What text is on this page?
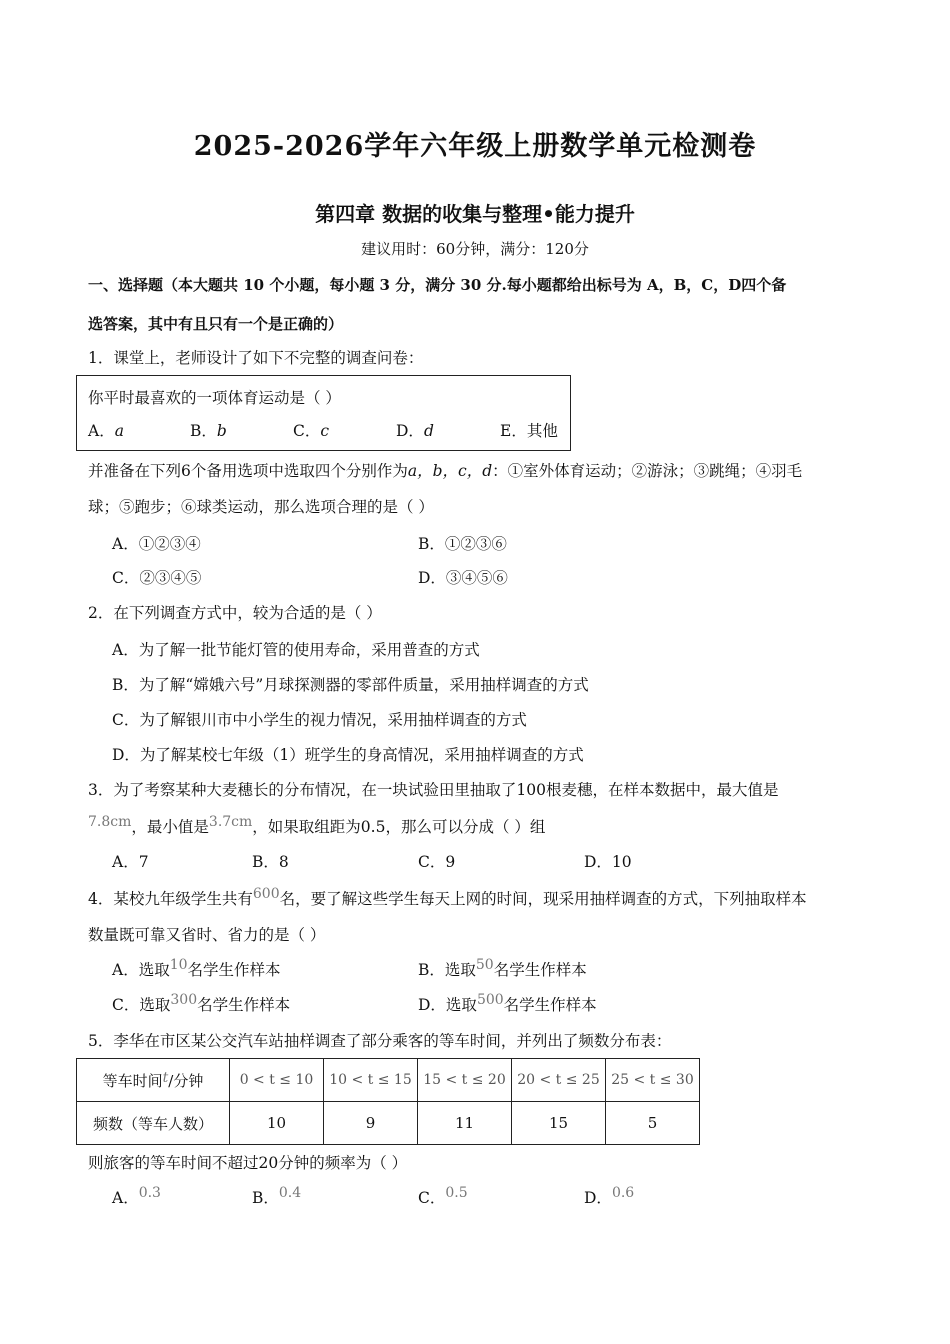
2025-2026学年六年级上册数学单元检测卷
第四章 数据的收集与整理•能力提升
建议用时：60分钟，满分：120分
一、选择题（本大题共 10 个小题，每小题 3 分，满分 30 分.每小题都给出标号为 A，B，C，D四个备
选答案，其中有且只有一个是正确的）
1．课堂上，老师设计了如下不完整的调查问卷：
你平时最喜欢的一项体育运动是（ ）
A．a	B．b	C．c	D．d	E．其他
并准备在下列6个备用选项中选取四个分别作为a，b，c，d：①室外体育运动；②游泳；③跳绳；④羽毛
球；⑤跑步；⑥球类运动，那么选项合理的是（ ）
A．①②③④	B．①②③⑥
C．②③④⑤	D．③④⑤⑥
2．在下列调查方式中，较为合适的是（ ）
A．为了解一批节能灯管的使用寿命，采用普查的方式
B．为了解“嫦娥六号”月球探测器的零部件质量，采用抽样调查的方式
C．为了解银川市中小学生的视力情况，采用抽样调查的方式
D．为了解某校七年级（1）班学生的身高情况，采用抽样调查的方式
3．为了考察某种大麦穗长的分布情况，在一块试验田里抽取了100根麦穗，在样本数据中，最大值是
7.8cm，最小值是3.7cm，如果取组距为0.5，那么可以分成（ ）组
A．7	B．8	C．9	D．10
4．某校九年级学生共有600名，要了解这些学生每天上网的时间，现采用抽样调查的方式，下列抽取样本
数量既可靠又省时、省力的是（ ）
A．选取10名学生作样本	B．选取50名学生作样本
C．选取300名学生作样本	D．选取500名学生作样本
5．李华在市区某公交汽车站抽样调查了部分乘客的等车时间，并列出了频数分布表：
等车时间t/分钟	0 < t ≤ 10	10 < t ≤ 15	15 < t ≤ 20	20 < t ≤ 25	25 < t ≤ 30
频数（等车人数）	10	9	11	15	5
则旅客的等车时间不超过20分钟的频率为（ ）
A．0.3	B．0.4	C．0.5	D．0.6
